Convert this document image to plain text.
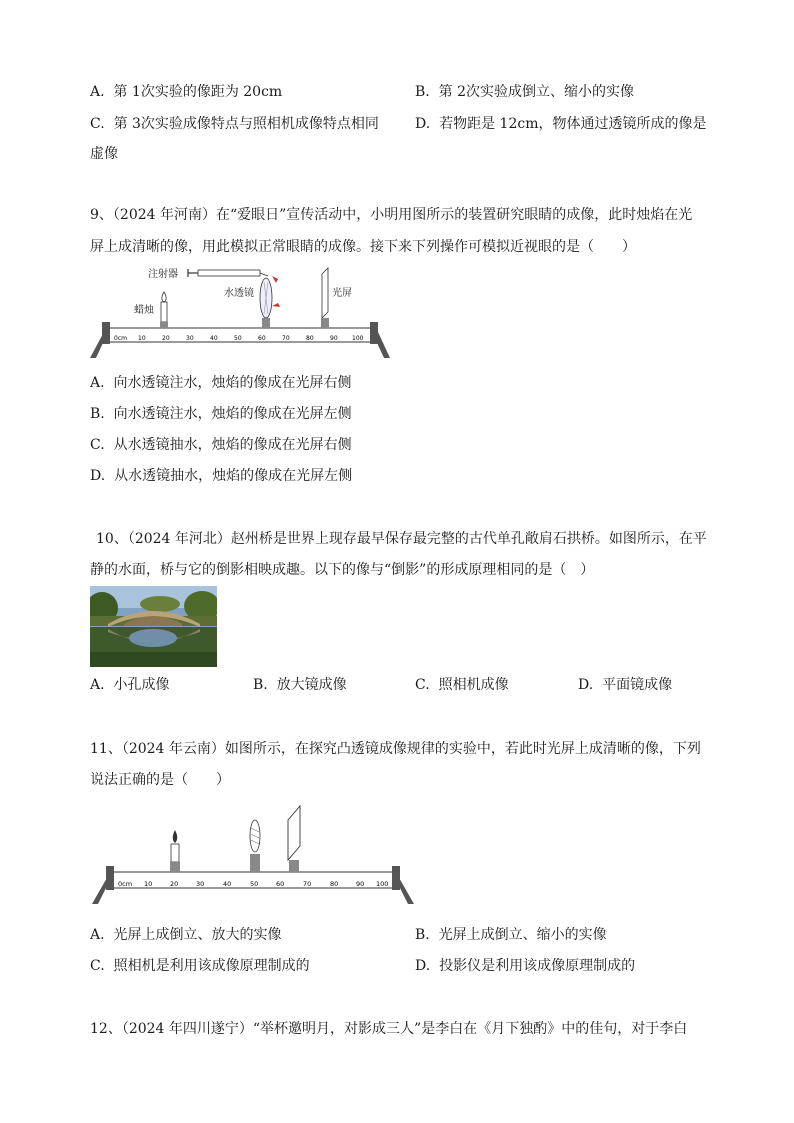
A. 第 1次实验的像距为 20cm	B. 第 2次实验成倒立、缩小的实像
C. 第 3次实验成像特点与照相机成像特点相同	D. 若物距是 12cm，物体通过透镜所成的像是
虚像
9、（2024 年河南）在“爱眼日”宣传活动中，小明用图所示的装置研究眼睛的成像，此时烛焰在光
屏上成清晰的像，用此模拟正常眼睛的成像。接下来下列操作可模拟近视眼的是（　　）
0cm 10	20	30	40	50	60	70	80	90 100
蜡烛
水透镜
注射器
光屏
A. 向水透镜注水，烛焰的像成在光屏右侧
B. 向水透镜注水，烛焰的像成在光屏左侧
C. 从水透镜抽水，烛焰的像成在光屏右侧
D. 从水透镜抽水，烛焰的像成在光屏左侧
10、（2024 年河北）赵州桥是世界上现存最早保存最完整的古代单孔敞肩石拱桥。如图所示，在平
静的水面，桥与它的倒影相映成趣。以下的像与“倒影”的形成原理相同的是（　）
A. 小孔成像	B. 放大镜成像	C. 照相机成像	D. 平面镜成像
11、（2024 年云南）如图所示，在探究凸透镜成像规律的实验中，若此时光屏上成清晰的像，下列
说法正确的是（　　）
0cm 10	20	30	40	50	60	70	80	90 100
A. 光屏上成倒立、放大的实像	B. 光屏上成倒立、缩小的实像
C. 照相机是利用该成像原理制成的	D. 投影仪是利用该成像原理制成的
12、（2024 年四川遂宁）“举杯邀明月，对影成三人”是李白在《月下独酌》中的佳句，对于李白
